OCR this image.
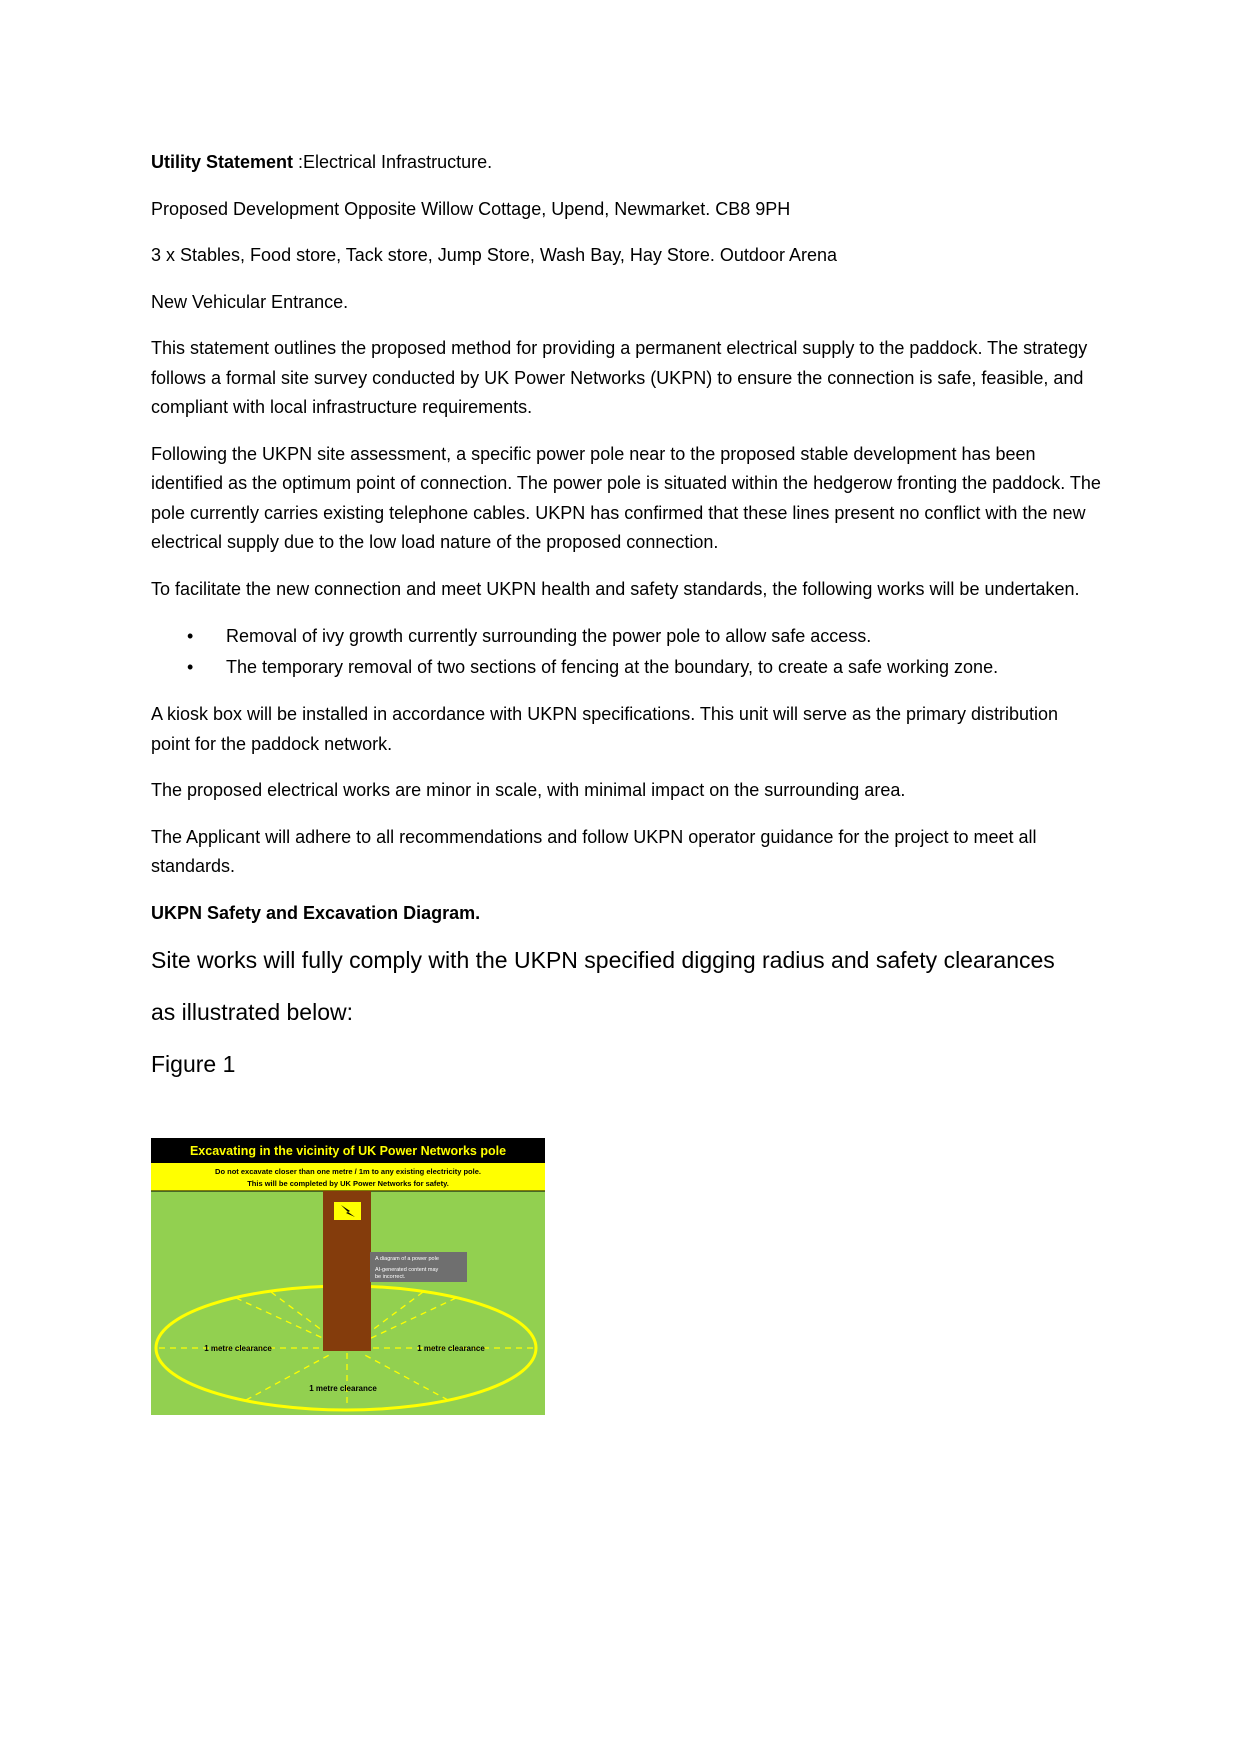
Utility Statement :Electrical Infrastructure.

Proposed Development Opposite Willow Cottage, Upend, Newmarket. CB8 9PH

3 x Stables, Food store, Tack store, Jump Store, Wash Bay, Hay Store. Outdoor Arena

New Vehicular Entrance.

This statement outlines the proposed method for providing a permanent electrical supply to the paddock. The strategy follows a formal site survey conducted by UK Power Networks (UKPN) to ensure the connection is safe, feasible, and compliant with local infrastructure requirements.

Following the UKPN site assessment, a specific power pole near to the proposed stable development has been identified as the optimum point of connection. The power pole is situated within the hedgerow fronting the paddock. The pole currently carries existing telephone cables. UKPN has confirmed that these lines present no conflict with the new electrical supply due to the low load nature of the proposed connection.

To facilitate the new connection and meet UKPN health and safety standards, the following works will be undertaken.

• Removal of ivy growth currently surrounding the power pole to allow safe access.
• The temporary removal of two sections of fencing at the boundary, to create a safe working zone.

A kiosk box will be installed in accordance with UKPN specifications. This unit will serve as the primary distribution point for the paddock network.

The proposed electrical works are minor in scale, with minimal impact on the surrounding area.

The Applicant will adhere to all recommendations and follow UKPN operator guidance for the project to meet all standards.

UKPN Safety and Excavation Diagram.

Site works will fully comply with the UKPN specified digging radius and safety clearances

as illustrated below:

Figure 1

Excavating in the vicinity of UK Power Networks pole
Do not excavate closer than one metre / 1m to any existing electricity pole.
This will be completed by UK Power Networks for safety.
A diagram of a power pole
AI-generated content may
be incorrect.
1 metre clearance	1 metre clearance
1 metre clearance
